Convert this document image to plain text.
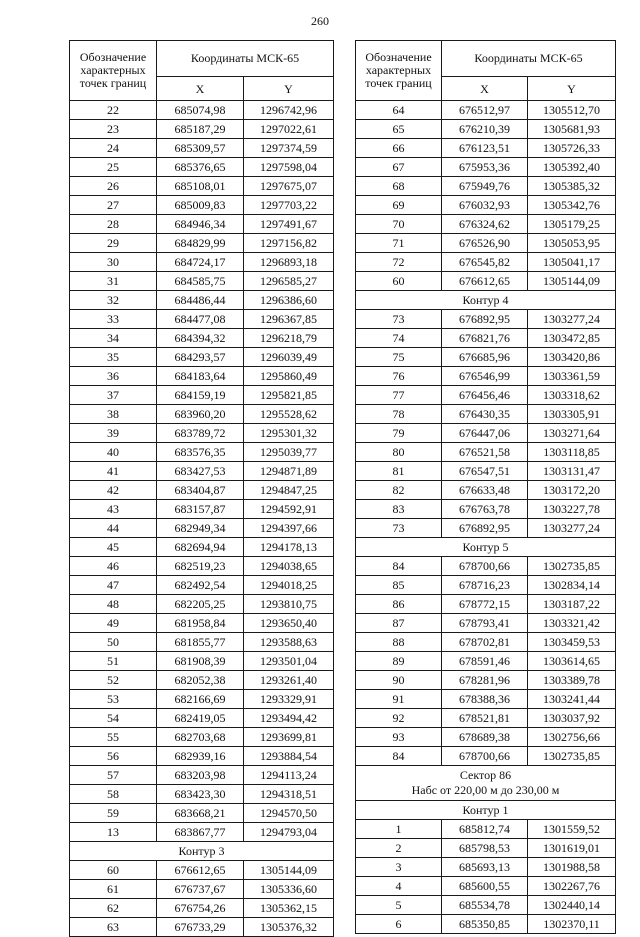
260
Обозначение характерных точек границ	Координаты МСК-65	
	X	Y
22	685074,98	1296742,96
23	685187,29	1297022,61
24	685309,57	1297374,59
25	685376,65	1297598,04
26	685108,01	1297675,07
27	685009,83	1297703,22
28	684946,34	1297491,67
29	684829,99	1297156,82
30	684724,17	1296893,18
31	684585,75	1296585,27
32	684486,44	1296386,60
33	684477,08	1296367,85
34	684394,32	1296218,79
35	684293,57	1296039,49
36	684183,64	1295860,49
37	684159,19	1295821,85
38	683960,20	1295528,62
39	683789,72	1295301,32
40	683576,35	1295039,77
41	683427,53	1294871,89
42	683404,87	1294847,25
43	683157,87	1294592,91
44	682949,34	1294397,66
45	682694,94	1294178,13
46	682519,23	1294038,65
47	682492,54	1294018,25
48	682205,25	1293810,75
49	681958,84	1293650,40
50	681855,77	1293588,63
51	681908,39	1293501,04
52	682052,38	1293261,40
53	682166,69	1293329,91
54	682419,05	1293494,42
55	682703,68	1293699,81
56	682939,16	1293884,54
57	683203,98	1294113,24
58	683423,30	1294318,51
59	683668,21	1294570,50
13	683867,77	1294793,04
Контур 3		
60	676612,65	1305144,09
61	676737,67	1305336,60
62	676754,26	1305362,15
63	676733,29	1305376,32
Обозначение характерных точек границ	Координаты МСК-65	
	X	Y
64	676512,97	1305512,70
65	676210,39	1305681,93
66	676123,51	1305726,33
67	675953,36	1305392,40
68	675949,76	1305385,32
69	676032,93	1305342,76
70	676324,62	1305179,25
71	676526,90	1305053,95
72	676545,82	1305041,17
60	676612,65	1305144,09
Контур 4		
73	676892,95	1303277,24
74	676821,76	1303472,85
75	676685,96	1303420,86
76	676546,99	1303361,59
77	676456,46	1303318,62
78	676430,35	1303305,91
79	676447,06	1303271,64
80	676521,58	1303118,85
81	676547,51	1303131,47
82	676633,48	1303172,20
83	676763,78	1303227,78
73	676892,95	1303277,24
Контур 5		
84	678700,66	1302735,85
85	678716,23	1302834,14
86	678772,15	1303187,22
87	678793,41	1303321,42
88	678702,81	1303459,53
89	678591,46	1303614,65
90	678281,96	1303389,78
91	678388,36	1303241,44
92	678521,81	1303037,92
93	678689,38	1302756,66
84	678700,66	1302735,85

Сектор 86
Набс от 220,00 м до 230,00 м		

Контур 1		
1	685812,74	1301559,52
2	685798,53	1301619,01
3	685693,13	1301988,58
4	685600,55	1302267,76
5	685534,78	1302440,14
6	685350,85	1302370,11
